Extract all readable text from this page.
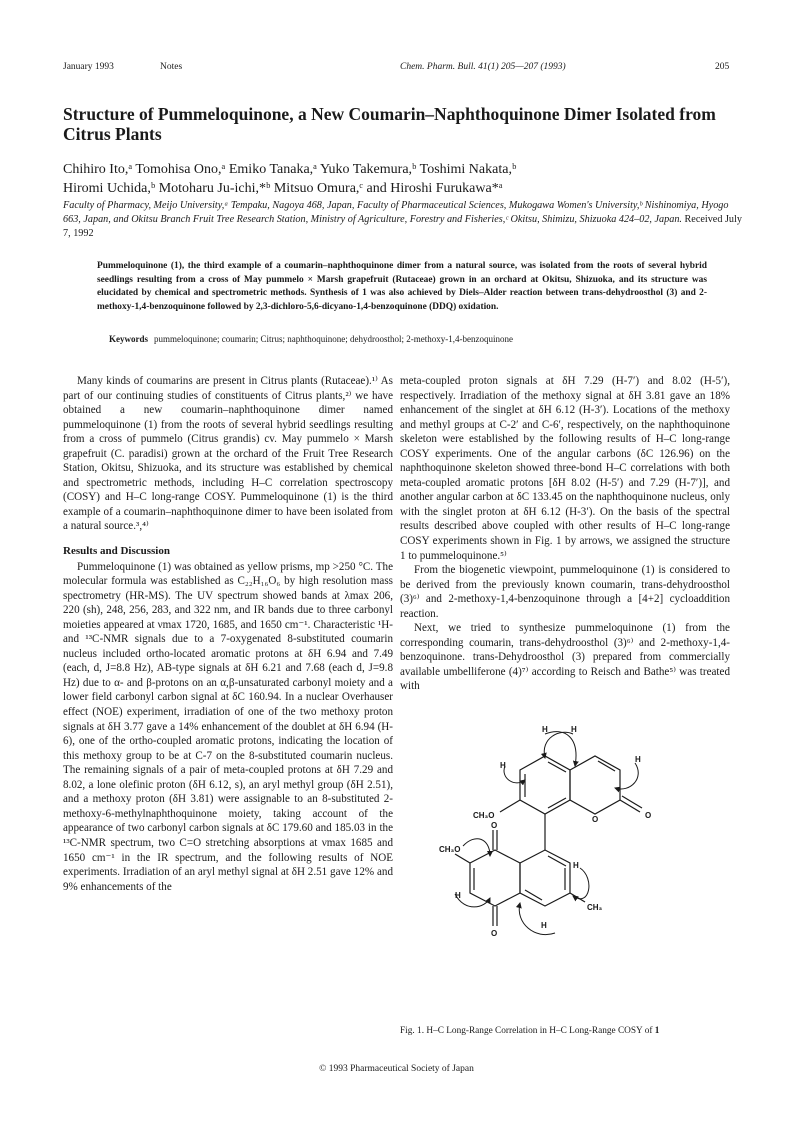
January 1993	Notes	Chem. Pharm. Bull. 41(1) 205—207 (1993)	205
Structure of Pummeloquinone, a New Coumarin–Naphthoquinone Dimer Isolated from Citrus Plants
Chihiro Ito,ᵃ Tomohisa Ono,ᵃ Emiko Tanaka,ᵃ Yuko Takemura,ᵇ Toshimi Nakata,ᵇ
Hiromi Uchida,ᵇ Motoharu Ju-ichi,*ᵇ Mitsuo Omura,ᶜ and Hiroshi Furukawa*ᵃ
Faculty of Pharmacy, Meijo University,ᵃ Tempaku, Nagoya 468, Japan, Faculty of Pharmaceutical Sciences, Mukogawa Women's University,ᵇ Nishinomiya, Hyogo 663, Japan, and Okitsu Branch Fruit Tree Research Station, Ministry of Agriculture, Forestry and Fisheries,ᶜ Okitsu, Shimizu, Shizuoka 424–02, Japan. Received July 7, 1992
Pummeloquinone (1), the third example of a coumarin–naphthoquinone dimer from a natural source, was isolated from the roots of several hybrid seedlings resulting from a cross of May pummelo × Marsh grapefruit (Rutaceae) grown in an orchard at Okitsu, Shizuoka, and its structure was elucidated by chemical and spectrometric methods. Synthesis of 1 was also achieved by Diels–Alder reaction between trans-dehydroosthol (3) and 2-methoxy-1,4-benzoquinone followed by 2,3-dichloro-5,6-dicyano-1,4-benzoquinone (DDQ) oxidation.
Keywords pummeloquinone; coumarin; Citrus; naphthoquinone; dehydroosthol; 2-methoxy-1,4-benzoquinone

Many kinds of coumarins are present in Citrus plants (Rutaceae).¹⁾ As part of our continuing studies of constituents of Citrus plants,²⁾ we have obtained a new coumarin–naphthoquinone dimer named pummeloquinone (1) from the roots of several hybrid seedlings resulting from a cross of pummelo (Citrus grandis) cv. May pummelo × Marsh grapefruit (C. paradisi) grown at the orchard of the Fruit Tree Research Station, Okitsu, Shizuoka, and its structure was established by chemical and spectrometric methods, including H–C correlation spectroscopy (COSY) and H–C long-range COSY. Pummeloquinone (1) is the third example of a coumarin–naphthoquinone dimer to have been isolated from a natural source.³,⁴⁾

Results and Discussion

Pummeloquinone (1) was obtained as yellow prisms, mp >250 °C. The molecular formula was established as C₂₂H₁₆O₆ by high resolution mass spectrometry (HR-MS). The UV spectrum showed bands at λmax 206, 220 (sh), 248, 256, 283, and 322 nm, and IR bands due to three carbonyl moieties appeared at νmax 1720, 1685, and 1650 cm⁻¹. Characteristic ¹H- and ¹³C-NMR signals due to a 7-oxygenated 8-substituted coumarin nucleus included ortho-located aromatic protons at δH 6.94 and 7.49 (each, d, J=8.8 Hz), AB-type signals at δH 6.21 and 7.68 (each d, J=9.8 Hz) due to α- and β-protons on an α,β-unsaturated carbonyl moiety and a lower field carbonyl carbon signal at δC 160.94. In a nuclear Overhauser effect (NOE) experiment, irradiation of one of the two methoxy proton signals at δH 3.77 gave a 14% enhancement of the doublet at δH 6.94 (H-6), one of the ortho-coupled aromatic protons, indicating the location of this methoxy group to be at C-7 on the 8-substituted coumarin nucleus. The remaining signals of a pair of meta-coupled protons at δH 7.29 and 8.02, a lone olefinic proton (δH 6.12, s), an aryl methyl group (δH 2.51), and a methoxy proton (δH 3.81) were assignable to an 8-substituted 2-methoxy-6-methylnaphthoquinone moiety, taking account of the appearance of two carbonyl carbon signals at δC 179.60 and 185.03 in the ¹³C-NMR spectrum, two C=O stretching absorptions at νmax 1685 and 1650 cm⁻¹ in the IR spectrum, and the following results of NOE experiments. Irradiation of an aryl methyl signal at δH 2.51 gave 12% and 9% enhancements of the

meta-coupled proton signals at δH 7.29 (H-7′) and 8.02 (H-5′), respectively. Irradiation of the methoxy signal at δH 3.81 gave an 18% enhancement of the singlet at δH 6.12 (H-3′). Locations of the methoxy and methyl groups at C-2′ and C-6′, respectively, on the naphthoquinone skeleton were established by the following results of H–C long-range COSY experiments. One of the angular carbons (δC 126.96) on the naphthoquinone skeleton showed three-bond H–C correlations with both meta-coupled aromatic protons [δH 8.02 (H-5′) and 7.29 (H-7′)], and another angular carbon at δC 133.45 on the naphthoquinone nucleus, only with the singlet proton at δH 6.12 (H-3′). On the basis of the spectral results described above coupled with other results of H–C long-range COSY experiments shown in Fig. 1 by arrows, we assigned the structure 1 to pummeloquinone.⁵⁾

From the biogenetic viewpoint, pummeloquinone (1) is considered to be derived from the previously known coumarin, trans-dehydroosthol (3)⁶⁾ and 2-methoxy-1,4-benzoquinone through a [4+2] cycloaddition reaction.

Next, we tried to synthesize pummeloquinone (1) from the corresponding coumarin, trans-dehydroosthol (3)⁶⁾ and 2-methoxy-1,4-benzoquinone. trans-Dehydroosthol (3) prepared from commercially available umbelliferone (4)⁷⁾ according to Reisch and Bathe⁵⁾ was treated with

H	H
H
H
CH₃O	O	O
O
CH₃O
H
H
CH₃
O
H
Fig. 1. H–C Long-Range Correlation in H–C Long-Range COSY of 1
© 1993 Pharmaceutical Society of Japan
